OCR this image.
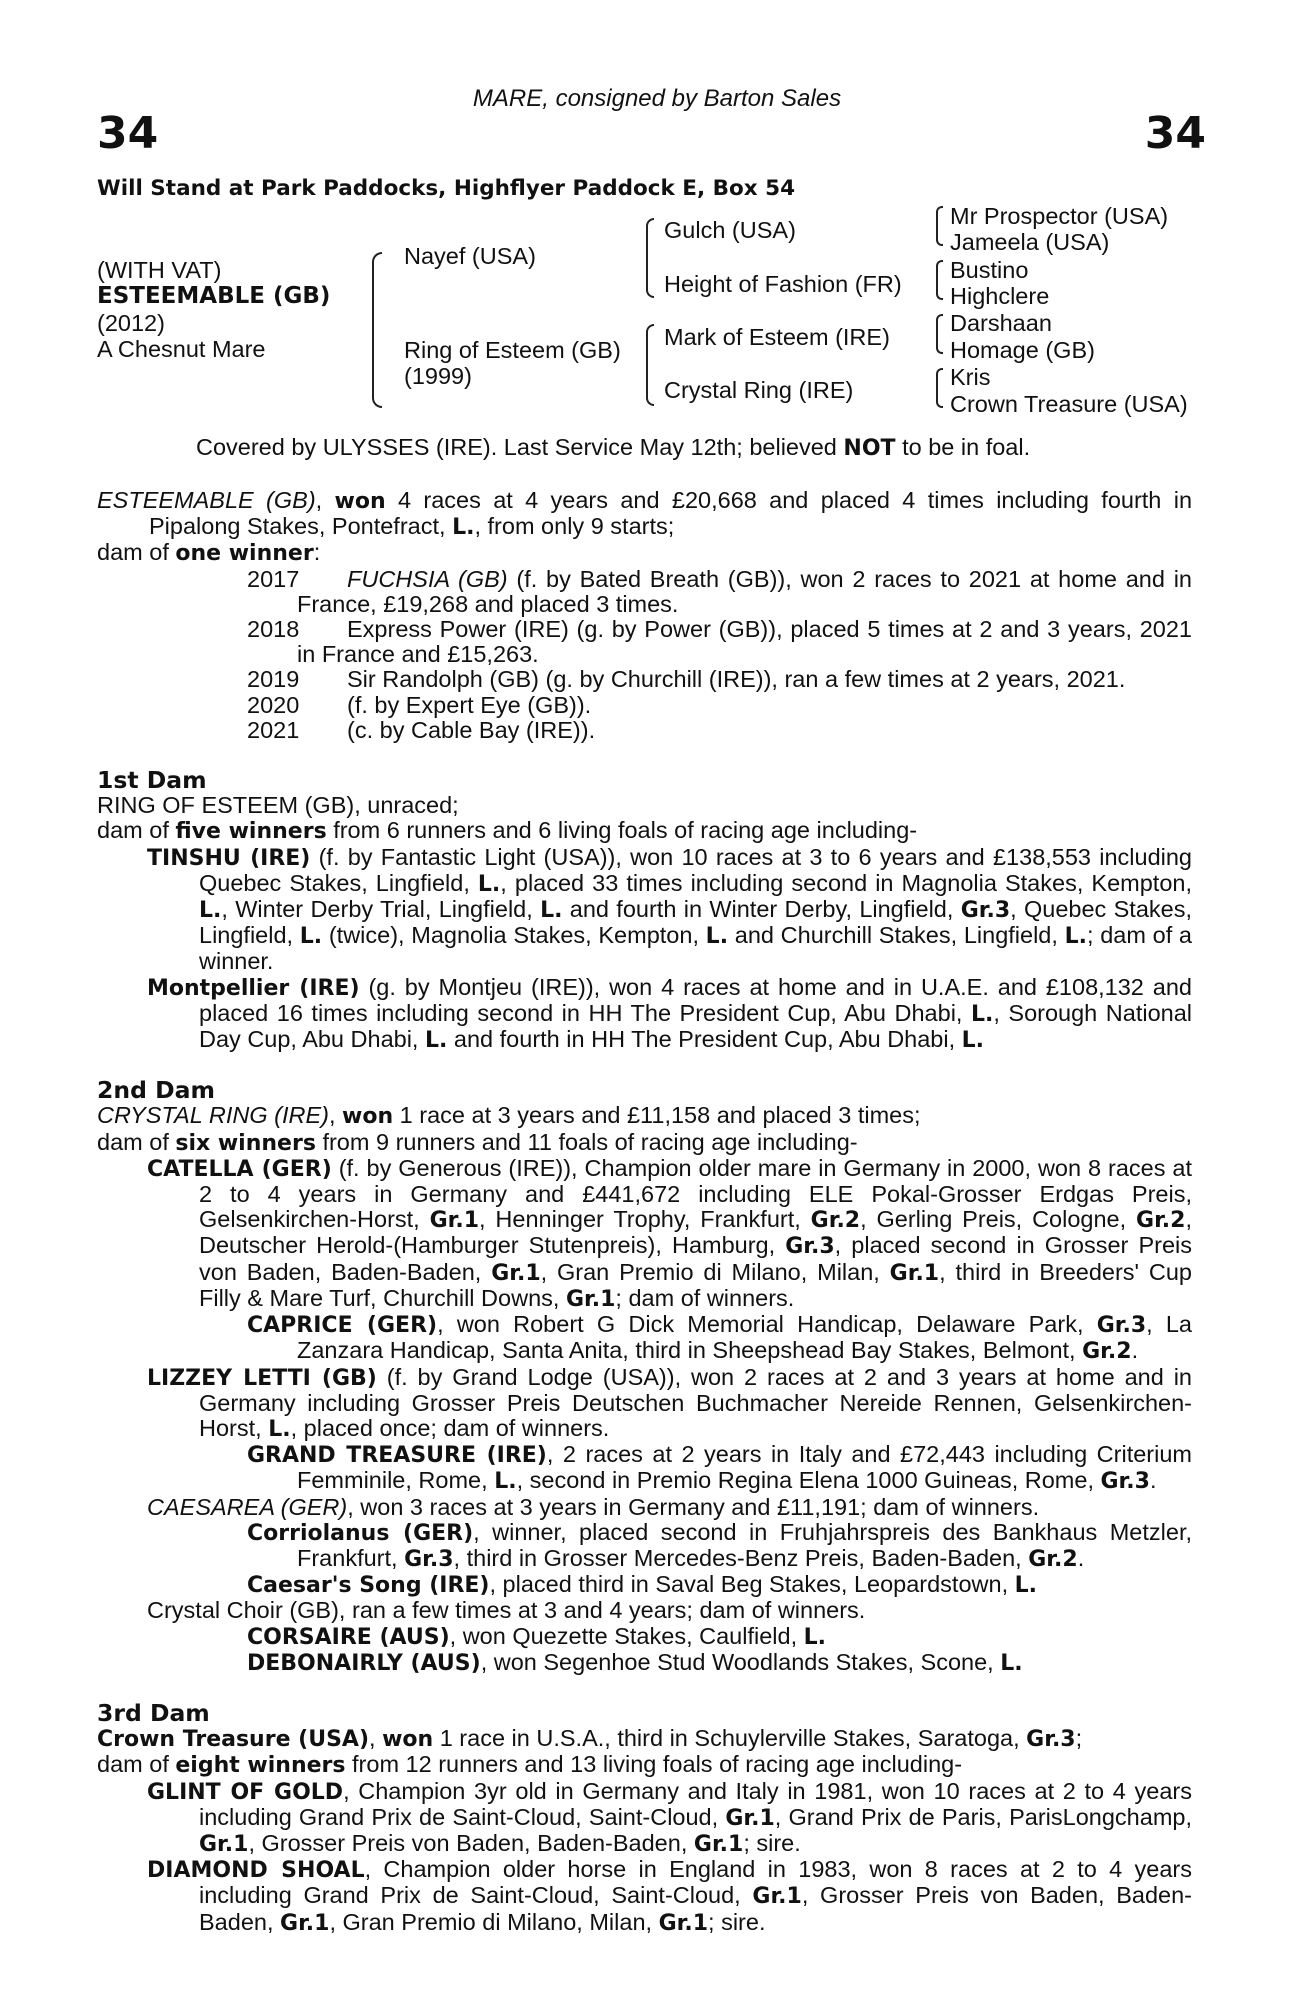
MARE, consigned by Barton Sales
34	34
Will Stand at Park Paddocks, Highflyer Paddock E, Box 54
(WITH VAT)
ESTEEMABLE (GB)
(2012)
A Chesnut Mare
Nayef (USA)
Ring of Esteem (GB)
(1999)
Gulch (USA)
Height of Fashion (FR)
Mark of Esteem (IRE)
Crystal Ring (IRE)
Mr Prospector (USA)
Jameela (USA)
Bustino
Highclere
Darshaan
Homage (GB)
Kris
Crown Treasure (USA)
Covered by ULYSSES (IRE). Last Service May 12th; believed NOT to be in foal.
ESTEEMABLE (GB), won 4 races at 4 years and £20,668 and placed 4 times including fourth in Pipalong Stakes, Pontefract, L., from only 9 starts;
dam of one winner:
2017 FUCHSIA (GB) (f. by Bated Breath (GB)), won 2 races to 2021 at home and in France, £19,268 and placed 3 times.
2018 Express Power (IRE) (g. by Power (GB)), placed 5 times at 2 and 3 years, 2021 in France and £15,263.
2019 Sir Randolph (GB) (g. by Churchill (IRE)), ran a few times at 2 years, 2021.
2020 (f. by Expert Eye (GB)).
2021 (c. by Cable Bay (IRE)).
1st Dam
RING OF ESTEEM (GB), unraced;
dam of five winners from 6 runners and 6 living foals of racing age including-
TINSHU (IRE) (f. by Fantastic Light (USA)), won 10 races at 3 to 6 years and £138,553 including Quebec Stakes, Lingfield, L., placed 33 times including second in Magnolia Stakes, Kempton, L., Winter Derby Trial, Lingfield, L. and fourth in Winter Derby, Lingfield, Gr.3, Quebec Stakes, Lingfield, L. (twice), Magnolia Stakes, Kempton, L. and Churchill Stakes, Lingfield, L.; dam of a winner.
Montpellier (IRE) (g. by Montjeu (IRE)), won 4 races at home and in U.A.E. and £108,132 and placed 16 times including second in HH The President Cup, Abu Dhabi, L., Sorough National Day Cup, Abu Dhabi, L. and fourth in HH The President Cup, Abu Dhabi, L.
2nd Dam
CRYSTAL RING (IRE), won 1 race at 3 years and £11,158 and placed 3 times;
dam of six winners from 9 runners and 11 foals of racing age including-
CATELLA (GER) (f. by Generous (IRE)), Champion older mare in Germany in 2000, won 8 races at 2 to 4 years in Germany and £441,672 including ELE Pokal-Grosser Erdgas Preis, Gelsenkirchen-Horst, Gr.1, Henninger Trophy, Frankfurt, Gr.2, Gerling Preis, Cologne, Gr.2, Deutscher Herold-(Hamburger Stutenpreis), Hamburg, Gr.3, placed second in Grosser Preis von Baden, Baden-Baden, Gr.1, Gran Premio di Milano, Milan, Gr.1, third in Breeders' Cup Filly & Mare Turf, Churchill Downs, Gr.1; dam of winners.
CAPRICE (GER), won Robert G Dick Memorial Handicap, Delaware Park, Gr.3, La Zanzara Handicap, Santa Anita, third in Sheepshead Bay Stakes, Belmont, Gr.2.
LIZZEY LETTI (GB) (f. by Grand Lodge (USA)), won 2 races at 2 and 3 years at home and in Germany including Grosser Preis Deutschen Buchmacher Nereide Rennen, Gelsenkirchen-Horst, L., placed once; dam of winners.
GRAND TREASURE (IRE), 2 races at 2 years in Italy and £72,443 including Criterium Femminile, Rome, L., second in Premio Regina Elena 1000 Guineas, Rome, Gr.3.
CAESAREA (GER), won 3 races at 3 years in Germany and £11,191; dam of winners.
Corriolanus (GER), winner, placed second in Fruhjahrspreis des Bankhaus Metzler, Frankfurt, Gr.3, third in Grosser Mercedes-Benz Preis, Baden-Baden, Gr.2.
Caesar's Song (IRE), placed third in Saval Beg Stakes, Leopardstown, L.
Crystal Choir (GB), ran a few times at 3 and 4 years; dam of winners.
CORSAIRE (AUS), won Quezette Stakes, Caulfield, L.
DEBONAIRLY (AUS), won Segenhoe Stud Woodlands Stakes, Scone, L.
3rd Dam
Crown Treasure (USA), won 1 race in U.S.A., third in Schuylerville Stakes, Saratoga, Gr.3;
dam of eight winners from 12 runners and 13 living foals of racing age including-
GLINT OF GOLD, Champion 3yr old in Germany and Italy in 1981, won 10 races at 2 to 4 years including Grand Prix de Saint-Cloud, Saint-Cloud, Gr.1, Grand Prix de Paris, ParisLongchamp, Gr.1, Grosser Preis von Baden, Baden-Baden, Gr.1; sire.
DIAMOND SHOAL, Champion older horse in England in 1983, won 8 races at 2 to 4 years including Grand Prix de Saint-Cloud, Saint-Cloud, Gr.1, Grosser Preis von Baden, Baden-Baden, Gr.1, Gran Premio di Milano, Milan, Gr.1; sire.
